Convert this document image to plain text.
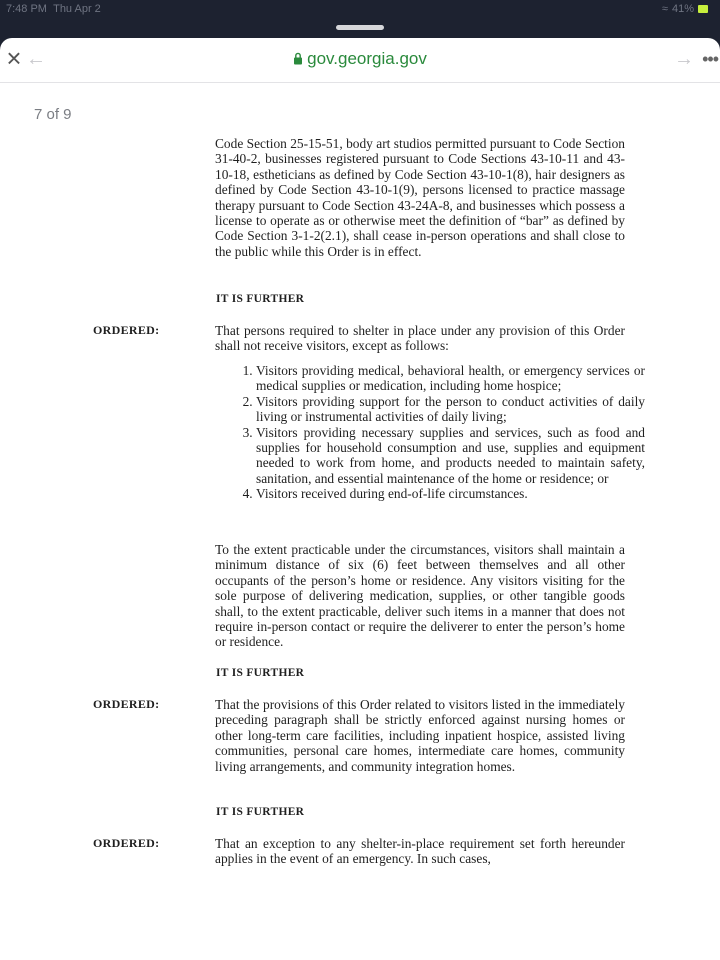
7:48 PM Thu Apr 2	≈ 41%
× ←	gov.georgia.gov	→ •••
7 of 9

Code Section 25-15-51, body art studios permitted pursuant to Code Section 31-40-2, businesses registered pursuant to Code Sections 43-10-11 and 43-10-18, estheticians as defined by Code Section 43-10-1(8), hair designers as defined by Code Section 43-10-1(9), persons licensed to practice massage therapy pursuant to Code Section 43-24A-8, and businesses which possess a license to operate as or otherwise meet the definition of “bar” as defined by Code Section 3-1-2(2.1), shall cease in-person operations and shall close to the public while this Order is in effect.

IT IS FURTHER
ORDERED:	That persons required to shelter in place under any provision of this Order shall not receive visitors, except as follows:

1. Visitors providing medical, behavioral health, or emergency services or medical supplies or medication, including home hospice;
2. Visitors providing support for the person to conduct activities of daily living or instrumental activities of daily living;
3. Visitors providing necessary supplies and services, such as food and supplies for household consumption and use, supplies and equipment needed to work from home, and products needed to maintain safety, sanitation, and essential maintenance of the home or residence; or
4. Visitors received during end-of-life circumstances.

To the extent practicable under the circumstances, visitors shall maintain a minimum distance of six (6) feet between themselves and all other occupants of the person’s home or residence. Any visitors visiting for the sole purpose of delivering medication, supplies, or other tangible goods shall, to the extent practicable, deliver such items in a manner that does not require in-person contact or require the deliverer to enter the person’s home or residence.

IT IS FURTHER
ORDERED:	That the provisions of this Order related to visitors listed in the immediately preceding paragraph shall be strictly enforced against nursing homes or other long-term care facilities, including inpatient hospice, assisted living communities, personal care homes, intermediate care homes, community living arrangements, and community integration homes.

IT IS FURTHER
ORDERED:	That an exception to any shelter-in-place requirement set forth hereunder applies in the event of an emergency. In such cases,
